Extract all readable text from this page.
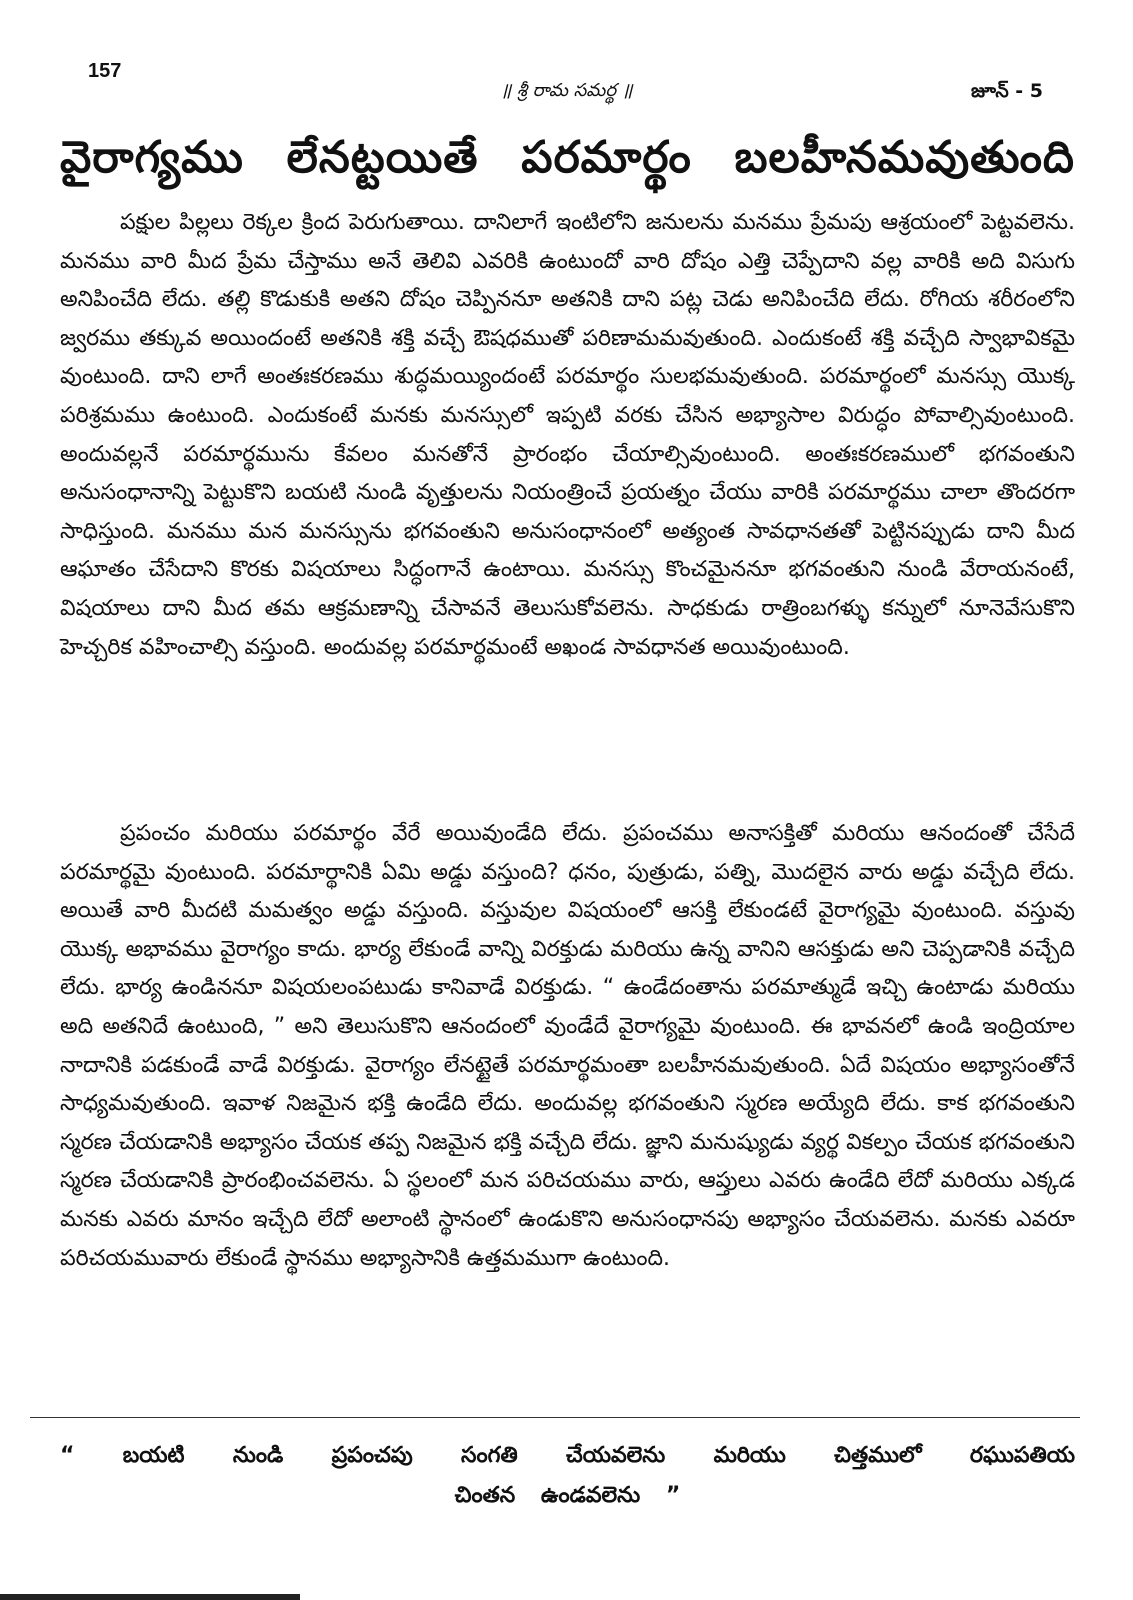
157
॥ శ్రీ రామ సమర్థ ॥	జూన్ - 5
వైరాగ్యము లేనట్టయితే పరమార్థం బలహీనమవుతుంది

పక్షుల పిల్లలు రెక్కల క్రింద పెరుగుతాయి. దానిలాగే ఇంటిలోని జనులను మనము ప్రేమపు ఆశ్రయంలో పెట్టవలెను. మనము వారి మీద ప్రేమ చేస్తాము అనే తెలివి ఎవరికి ఉంటుందో వారి దోషం ఎత్తి చెప్పేదాని వల్ల వారికి అది విసుగు అనిపించేది లేదు. తల్లి కొడుకుకి అతని దోషం చెప్పిననూ అతనికి దాని పట్ల చెడు అనిపించేది లేదు. రోగియ శరీరంలోని జ్వరము తక్కువ అయిందంటే అతనికి శక్తి వచ్చే ఔషధముతో పరిణామమవుతుంది. ఎందుకంటే శక్తి వచ్చేది స్వాభావికమై వుంటుంది. దాని లాగే అంతఃకరణము శుద్ధమయ్యిందంటే పరమార్థం సులభమవుతుంది. పరమార్థంలో మనస్సు యొక్క పరిశ్రమము ఉంటుంది. ఎందుకంటే మనకు మనస్సులో ఇప్పటి వరకు చేసిన అభ్యాసాల విరుద్ధం పోవాల్సివుంటుంది. అందువల్లనే పరమార్థమును కేవలం మనతోనే ప్రారంభం చేయాల్సివుంటుంది. అంతఃకరణములో భగవంతుని అనుసంధానాన్ని పెట్టుకొని బయటి నుండి వృత్తులను నియంత్రించే ప్రయత్నం చేయు వారికి పరమార్థము చాలా తొందరగా సాధిస్తుంది. మనము మన మనస్సును భగవంతుని అనుసంధానంలో అత్యంత సావధానతతో పెట్టినప్పుడు దాని మీద ఆఘాతం చేసేదాని కొరకు విషయాలు సిద్ధంగానే ఉంటాయి. మనస్సు కొంచమైననూ భగవంతుని నుండి వేరాయనంటే, విషయాలు దాని మీద తమ ఆక్రమణాన్ని చేసావనే తెలుసుకోవలెను. సాధకుడు రాత్రింబగళ్ళు కన్నులో నూనెవేసుకొని హెచ్చరిక వహించాల్సి వస్తుంది. అందువల్ల పరమార్థమంటే అఖండ సావధానత అయివుంటుంది.

ప్రపంచం మరియు పరమార్థం వేరే అయివుండేది లేదు. ప్రపంచము అనాసక్తితో మరియు ఆనందంతో చేసేదే పరమార్థమై వుంటుంది. పరమార్థానికి ఏమి అడ్డు వస్తుంది? ధనం, పుత్రుడు, పత్ని, మొదలైన వారు అడ్డు వచ్చేది లేదు. అయితే వారి మీదటి మమత్వం అడ్డు వస్తుంది. వస్తువుల విషయంలో ఆసక్తి లేకుండటే వైరాగ్యమై వుంటుంది. వస్తువు యొక్క అభావము వైరాగ్యం కాదు. భార్య లేకుండే వాన్ని విరక్తుడు మరియు ఉన్న వానిని ఆసక్తుడు అని చెప్పడానికి వచ్చేది లేదు. భార్య ఉండిననూ విషయలంపటుడు కానివాడే విరక్తుడు. “ ఉండేదంతాను పరమాత్ముడే ఇచ్చి ఉంటాడు మరియు అది అతనిదే ఉంటుంది, ” అని తెలుసుకొని ఆనందంలో వుండేదే వైరాగ్యమై వుంటుంది. ఈ భావనలో ఉండి ఇంద్రియాల నాదానికి పడకుండే వాడే విరక్తుడు. వైరాగ్యం లేనట్టైతే పరమార్థమంతా బలహీనమవుతుంది. ఏదే విషయం అభ్యాసంతోనే సాధ్యమవుతుంది. ఇవాళ నిజమైన భక్తి ఉండేది లేదు. అందువల్ల భగవంతుని స్మరణ అయ్యేది లేదు. కాక భగవంతుని స్మరణ చేయడానికి అభ్యాసం చేయక తప్ప నిజమైన భక్తి వచ్చేది లేదు. జ్ఞాని మనుష్యుడు వ్యర్థ వికల్పం చేయక భగవంతుని స్మరణ చేయడానికి ప్రారంభించవలెను. ఏ స్థలంలో మన పరిచయము వారు, ఆప్తులు ఎవరు ఉండేది లేదో మరియు ఎక్కడ మనకు ఎవరు మానం ఇచ్చేది లేదో అలాంటి స్థానంలో ఉండుకొని అనుసంధానపు అభ్యాసం చేయవలెను. మనకు ఎవరూ పరిచయమువారు లేకుండే స్థానము అభ్యాసానికి ఉత్తమముగా ఉంటుంది.

“ బయటి నుండి ప్రపంచపు సంగతి చేయవలెను మరియు చిత్తములో రఘుపతియ
చింతన ఉండవలెను ”
